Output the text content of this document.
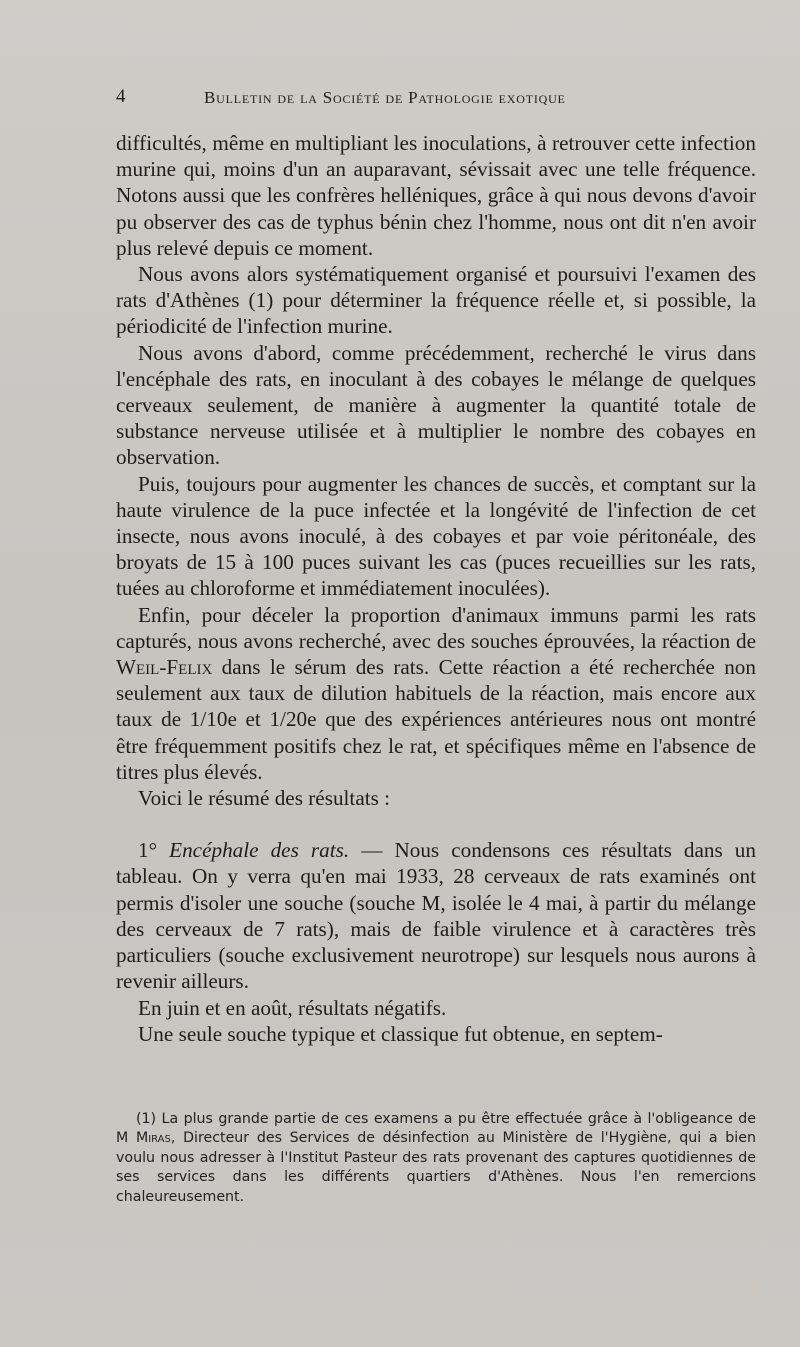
4	Bulletin de la Société de Pathologie exotique

difficultés, même en multipliant les inoculations, à retrouver cette infection murine qui, moins d'un an auparavant, sévissait avec une telle fréquence. Notons aussi que les confrères helléniques, grâce à qui nous devons d'avoir pu observer des cas de typhus bénin chez l'homme, nous ont dit n'en avoir plus relevé depuis ce moment.

Nous avons alors systématiquement organisé et poursuivi l'examen des rats d'Athènes (1) pour déterminer la fréquence réelle et, si possible, la périodicité de l'infection murine.

Nous avons d'abord, comme précédemment, recherché le virus dans l'encéphale des rats, en inoculant à des cobayes le mélange de quelques cerveaux seulement, de manière à augmenter la quantité totale de substance nerveuse utilisée et à multiplier le nombre des cobayes en observation.

Puis, toujours pour augmenter les chances de succès, et comptant sur la haute virulence de la puce infectée et la longévité de l'infection de cet insecte, nous avons inoculé, à des cobayes et par voie péritonéale, des broyats de 15 à 100 puces suivant les cas (puces recueillies sur les rats, tuées au chloroforme et immédiatement inoculées).

Enfin, pour déceler la proportion d'animaux immuns parmi les rats capturés, nous avons recherché, avec des souches éprouvées, la réaction de Weil-Felix dans le sérum des rats. Cette réaction a été recherchée non seulement aux taux de dilution habituels de la réaction, mais encore aux taux de 1/10e et 1/20e que des expériences antérieures nous ont montré être fréquemment positifs chez le rat, et spécifiques même en l'absence de titres plus élevés.

Voici le résumé des résultats :

1° Encéphale des rats. — Nous condensons ces résultats dans un tableau. On y verra qu'en mai 1933, 28 cerveaux de rats examinés ont permis d'isoler une souche (souche M, isolée le 4 mai, à partir du mélange des cerveaux de 7 rats), mais de faible virulence et à caractères très particuliers (souche exclusivement neurotrope) sur lesquels nous aurons à revenir ailleurs.

En juin et en août, résultats négatifs.

Une seule souche typique et classique fut obtenue, en septem-

(1) La plus grande partie de ces examens a pu être effectuée grâce à l'obligeance de M Miras, Directeur des Services de désinfection au Ministère de l'Hygiène, qui a bien voulu nous adresser à l'Institut Pasteur des rats provenant des captures quotidiennes de ses services dans les différents quartiers d'Athènes. Nous l'en remercions chaleureusement.
